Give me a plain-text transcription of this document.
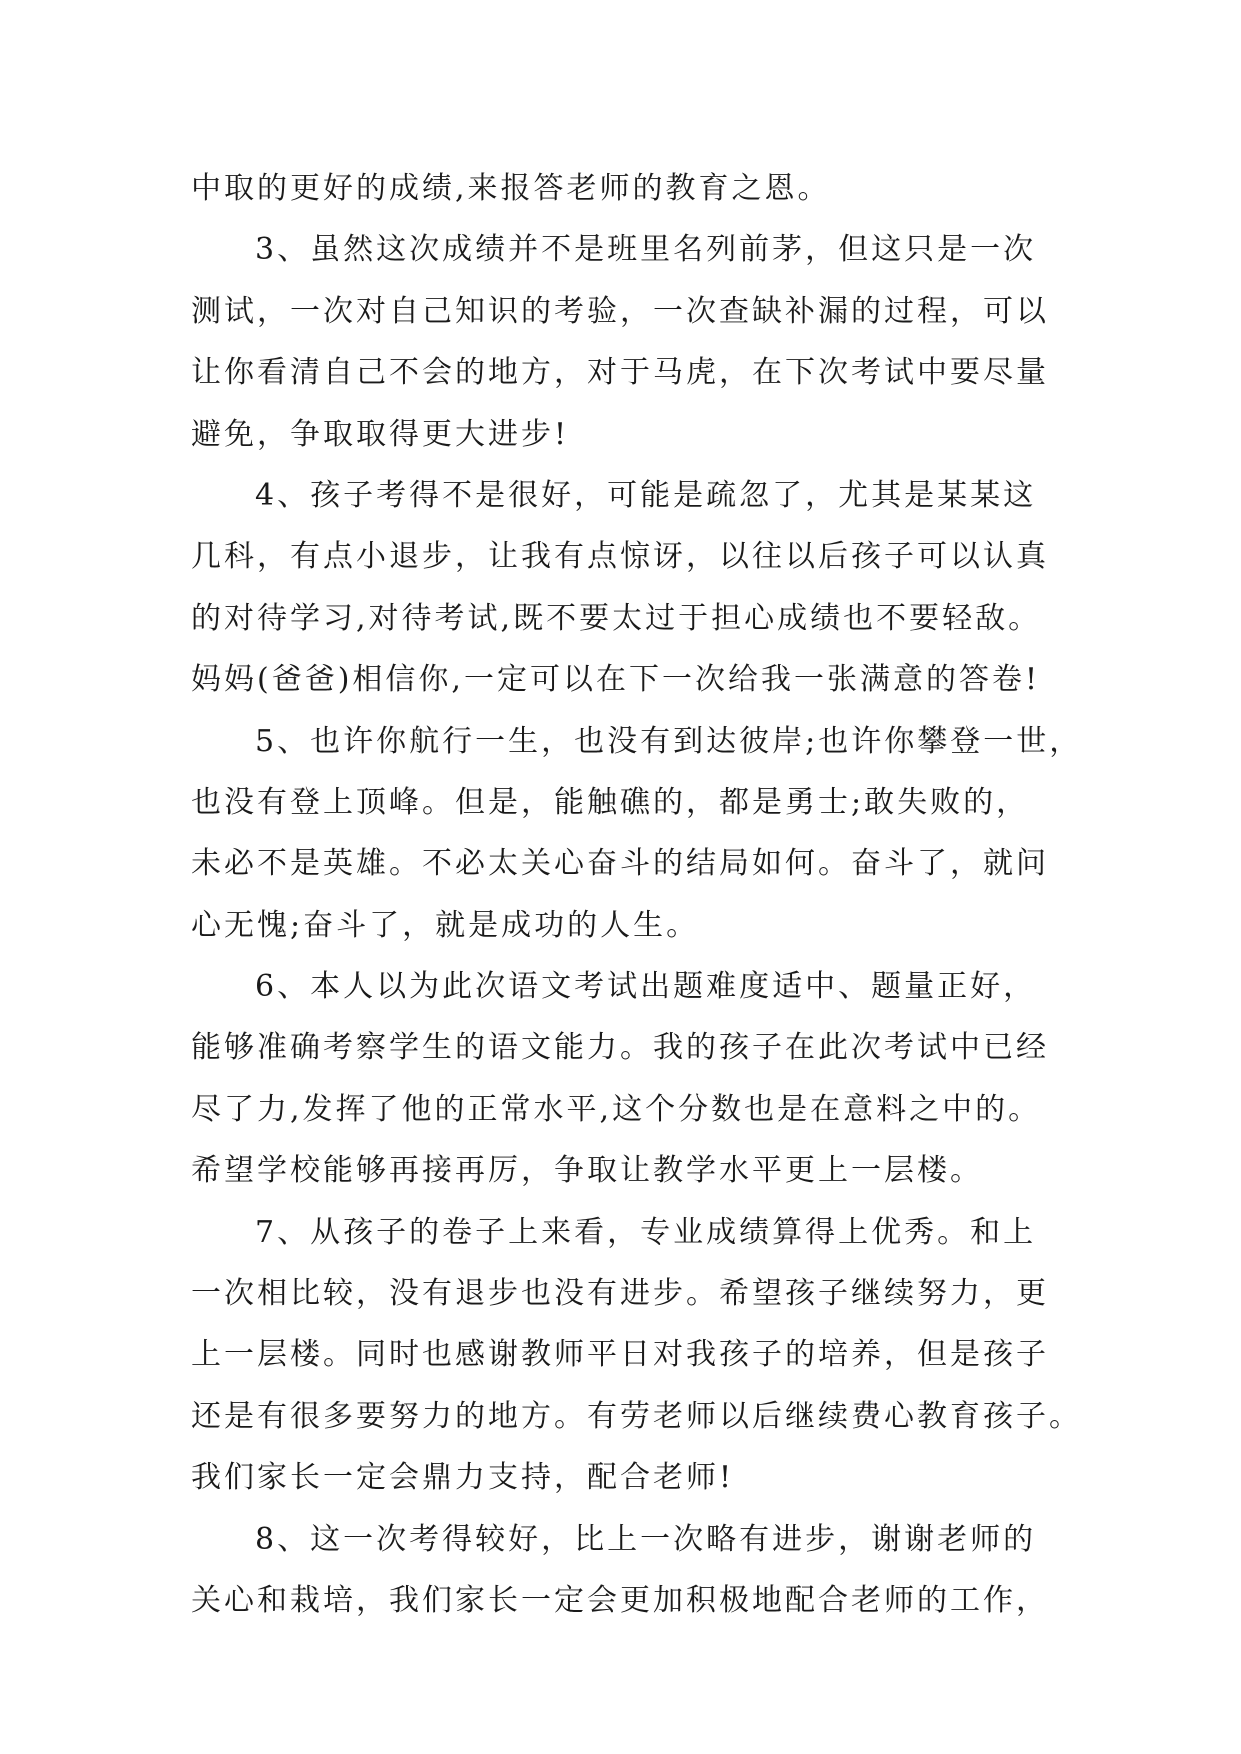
中取的更好的成绩,来报答老师的教育之恩。
3、虽然这次成绩并不是班里名列前茅，但这只是一次
测试，一次对自己知识的考验，一次查缺补漏的过程，可以
让你看清自己不会的地方，对于马虎，在下次考试中要尽量
避免，争取取得更大进步!
4、孩子考得不是很好，可能是疏忽了，尤其是某某这
几科，有点小退步，让我有点惊讶，以往以后孩子可以认真
的对待学习,对待考试,既不要太过于担心成绩也不要轻敌。
妈妈(爸爸)相信你,一定可以在下一次给我一张满意的答卷!
5、也许你航行一生，也没有到达彼岸;也许你攀登一世，
也没有登上顶峰。但是，能触礁的，都是勇士;敢失败的，
未必不是英雄。不必太关心奋斗的结局如何。奋斗了，就问
心无愧;奋斗了，就是成功的人生。
6、本人以为此次语文考试出题难度适中、题量正好，
能够准确考察学生的语文能力。我的孩子在此次考试中已经
尽了力,发挥了他的正常水平,这个分数也是在意料之中的。
希望学校能够再接再厉，争取让教学水平更上一层楼。
7、从孩子的卷子上来看，专业成绩算得上优秀。和上
一次相比较，没有退步也没有进步。希望孩子继续努力，更
上一层楼。同时也感谢教师平日对我孩子的培养，但是孩子
还是有很多要努力的地方。有劳老师以后继续费心教育孩子。
我们家长一定会鼎力支持，配合老师!
8、这一次考得较好，比上一次略有进步，谢谢老师的
关心和栽培，我们家长一定会更加积极地配合老师的工作，
